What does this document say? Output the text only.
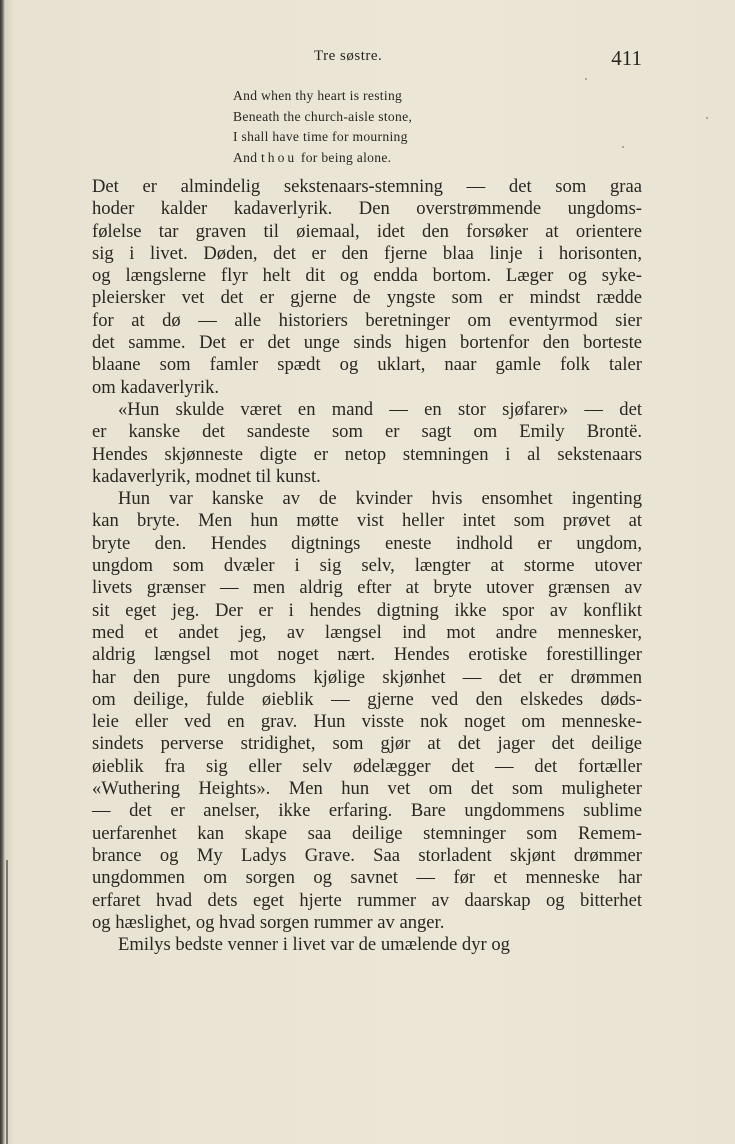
Tre søstre.	411
And when thy heart is resting
Beneath the church-aisle stone,
I shall have time for mourning
And thou for being alone.
Det er almindelig sekstenaars-stemning — det som graa
hoder kalder kadaverlyrik. Den overstrømmende ungdoms-
følelse tar graven til øiemaal, idet den forsøker at orientere
sig i livet. Døden, det er den fjerne blaa linje i horisonten,
og længslerne flyr helt dit og endda bortom. Læger og syke-
pleiersker vet det er gjerne de yngste som er mindst rædde
for at dø — alle historiers beretninger om eventyrmod sier
det samme. Det er det unge sinds higen bortenfor den borteste
blaane som famler spædt og uklart, naar gamle folk taler
om kadaverlyrik.
«Hun skulde været en mand — en stor sjøfarer» — det
er kanske det sandeste som er sagt om Emily Brontë.
Hendes skjønneste digte er netop stemningen i al sekstenaars
kadaverlyrik, modnet til kunst.
Hun var kanske av de kvinder hvis ensomhet ingenting
kan bryte. Men hun møtte vist heller intet som prøvet at
bryte den. Hendes digtnings eneste indhold er ungdom,
ungdom som dvæler i sig selv, længter at storme utover
livets grænser — men aldrig efter at bryte utover grænsen av
sit eget jeg. Der er i hendes digtning ikke spor av konflikt
med et andet jeg, av længsel ind mot andre mennesker,
aldrig længsel mot noget nært. Hendes erotiske forestillinger
har den pure ungdoms kjølige skjønhet — det er drømmen
om deilige, fulde øieblik — gjerne ved den elskedes døds-
leie eller ved en grav. Hun visste nok noget om menneske-
sindets perverse stridighet, som gjør at det jager det deilige
øieblik fra sig eller selv ødelægger det — det fortæller
«Wuthering Heights». Men hun vet om det som muligheter
— det er anelser, ikke erfaring. Bare ungdommens sublime
uerfarenhet kan skape saa deilige stemninger som Remem-
brance og My Ladys Grave. Saa storladent skjønt drømmer
ungdommen om sorgen og savnet — før et menneske har
erfaret hvad dets eget hjerte rummer av daarskap og bitterhet
og hæslighet, og hvad sorgen rummer av anger.
Emilys bedste venner i livet var de umælende dyr og
